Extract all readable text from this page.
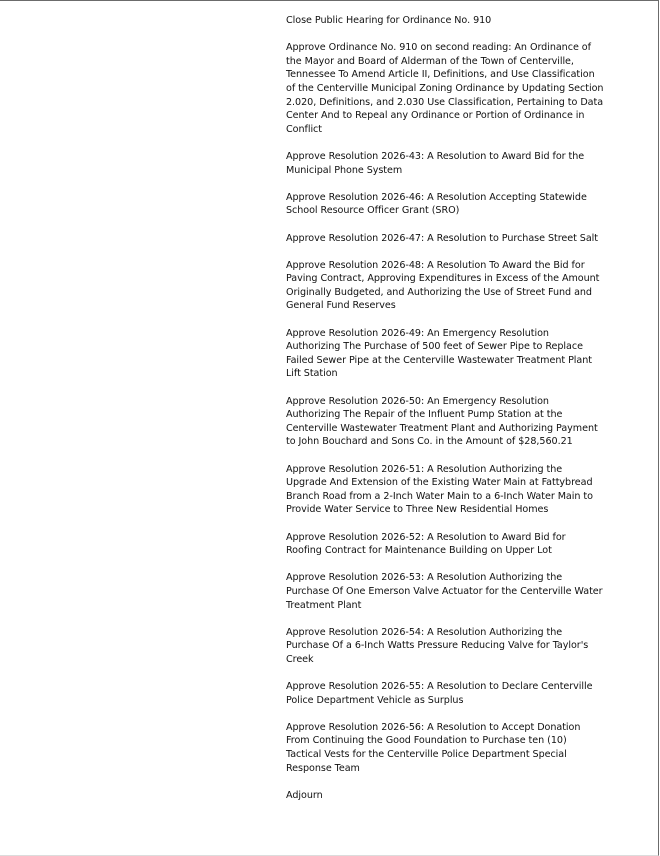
Close Public Hearing for Ordinance No. 910
Approve Ordinance No. 910 on second reading: An Ordinance of the Mayor and Board of Alderman of the Town of Centerville, Tennessee To Amend Article II, Definitions, and Use Classification of the Centerville Municipal Zoning Ordinance by Updating Section 2.020, Definitions, and 2.030 Use Classification, Pertaining to Data Center And to Repeal any Ordinance or Portion of Ordinance in Conflict
Approve Resolution 2026-43: A Resolution to Award Bid for the Municipal Phone System
Approve Resolution 2026-46: A Resolution Accepting Statewide School Resource Officer Grant (SRO)
Approve Resolution 2026-47: A Resolution to Purchase Street Salt
Approve Resolution 2026-48: A Resolution To Award the Bid for Paving Contract, Approving Expenditures in Excess of the Amount Originally Budgeted, and Authorizing the Use of Street Fund and General Fund Reserves
Approve Resolution 2026-49: An Emergency Resolution Authorizing The Purchase of 500 feet of Sewer Pipe to Replace Failed Sewer Pipe at the Centerville Wastewater Treatment Plant Lift Station
Approve Resolution 2026-50: An Emergency Resolution Authorizing The Repair of the Influent Pump Station at the Centerville Wastewater Treatment Plant and Authorizing Payment to John Bouchard and Sons Co. in the Amount of $28,560.21
Approve Resolution 2026-51: A Resolution Authorizing the Upgrade And Extension of the Existing Water Main at Fattybread Branch Road from a 2-Inch Water Main to a 6-Inch Water Main to Provide Water Service to Three New Residential Homes
Approve Resolution 2026-52: A Resolution to Award Bid for Roofing Contract for Maintenance Building on Upper Lot
Approve Resolution 2026-53: A Resolution Authorizing the Purchase Of One Emerson Valve Actuator for the Centerville Water Treatment Plant
Approve Resolution 2026-54: A Resolution Authorizing the Purchase Of a 6-Inch Watts Pressure Reducing Valve for Taylor's Creek
Approve Resolution 2026-55: A Resolution to Declare Centerville Police Department Vehicle as Surplus
Approve Resolution 2026-56: A Resolution to Accept Donation From Continuing the Good Foundation to Purchase ten (10) Tactical Vests for the Centerville Police Department Special Response Team
Adjourn
